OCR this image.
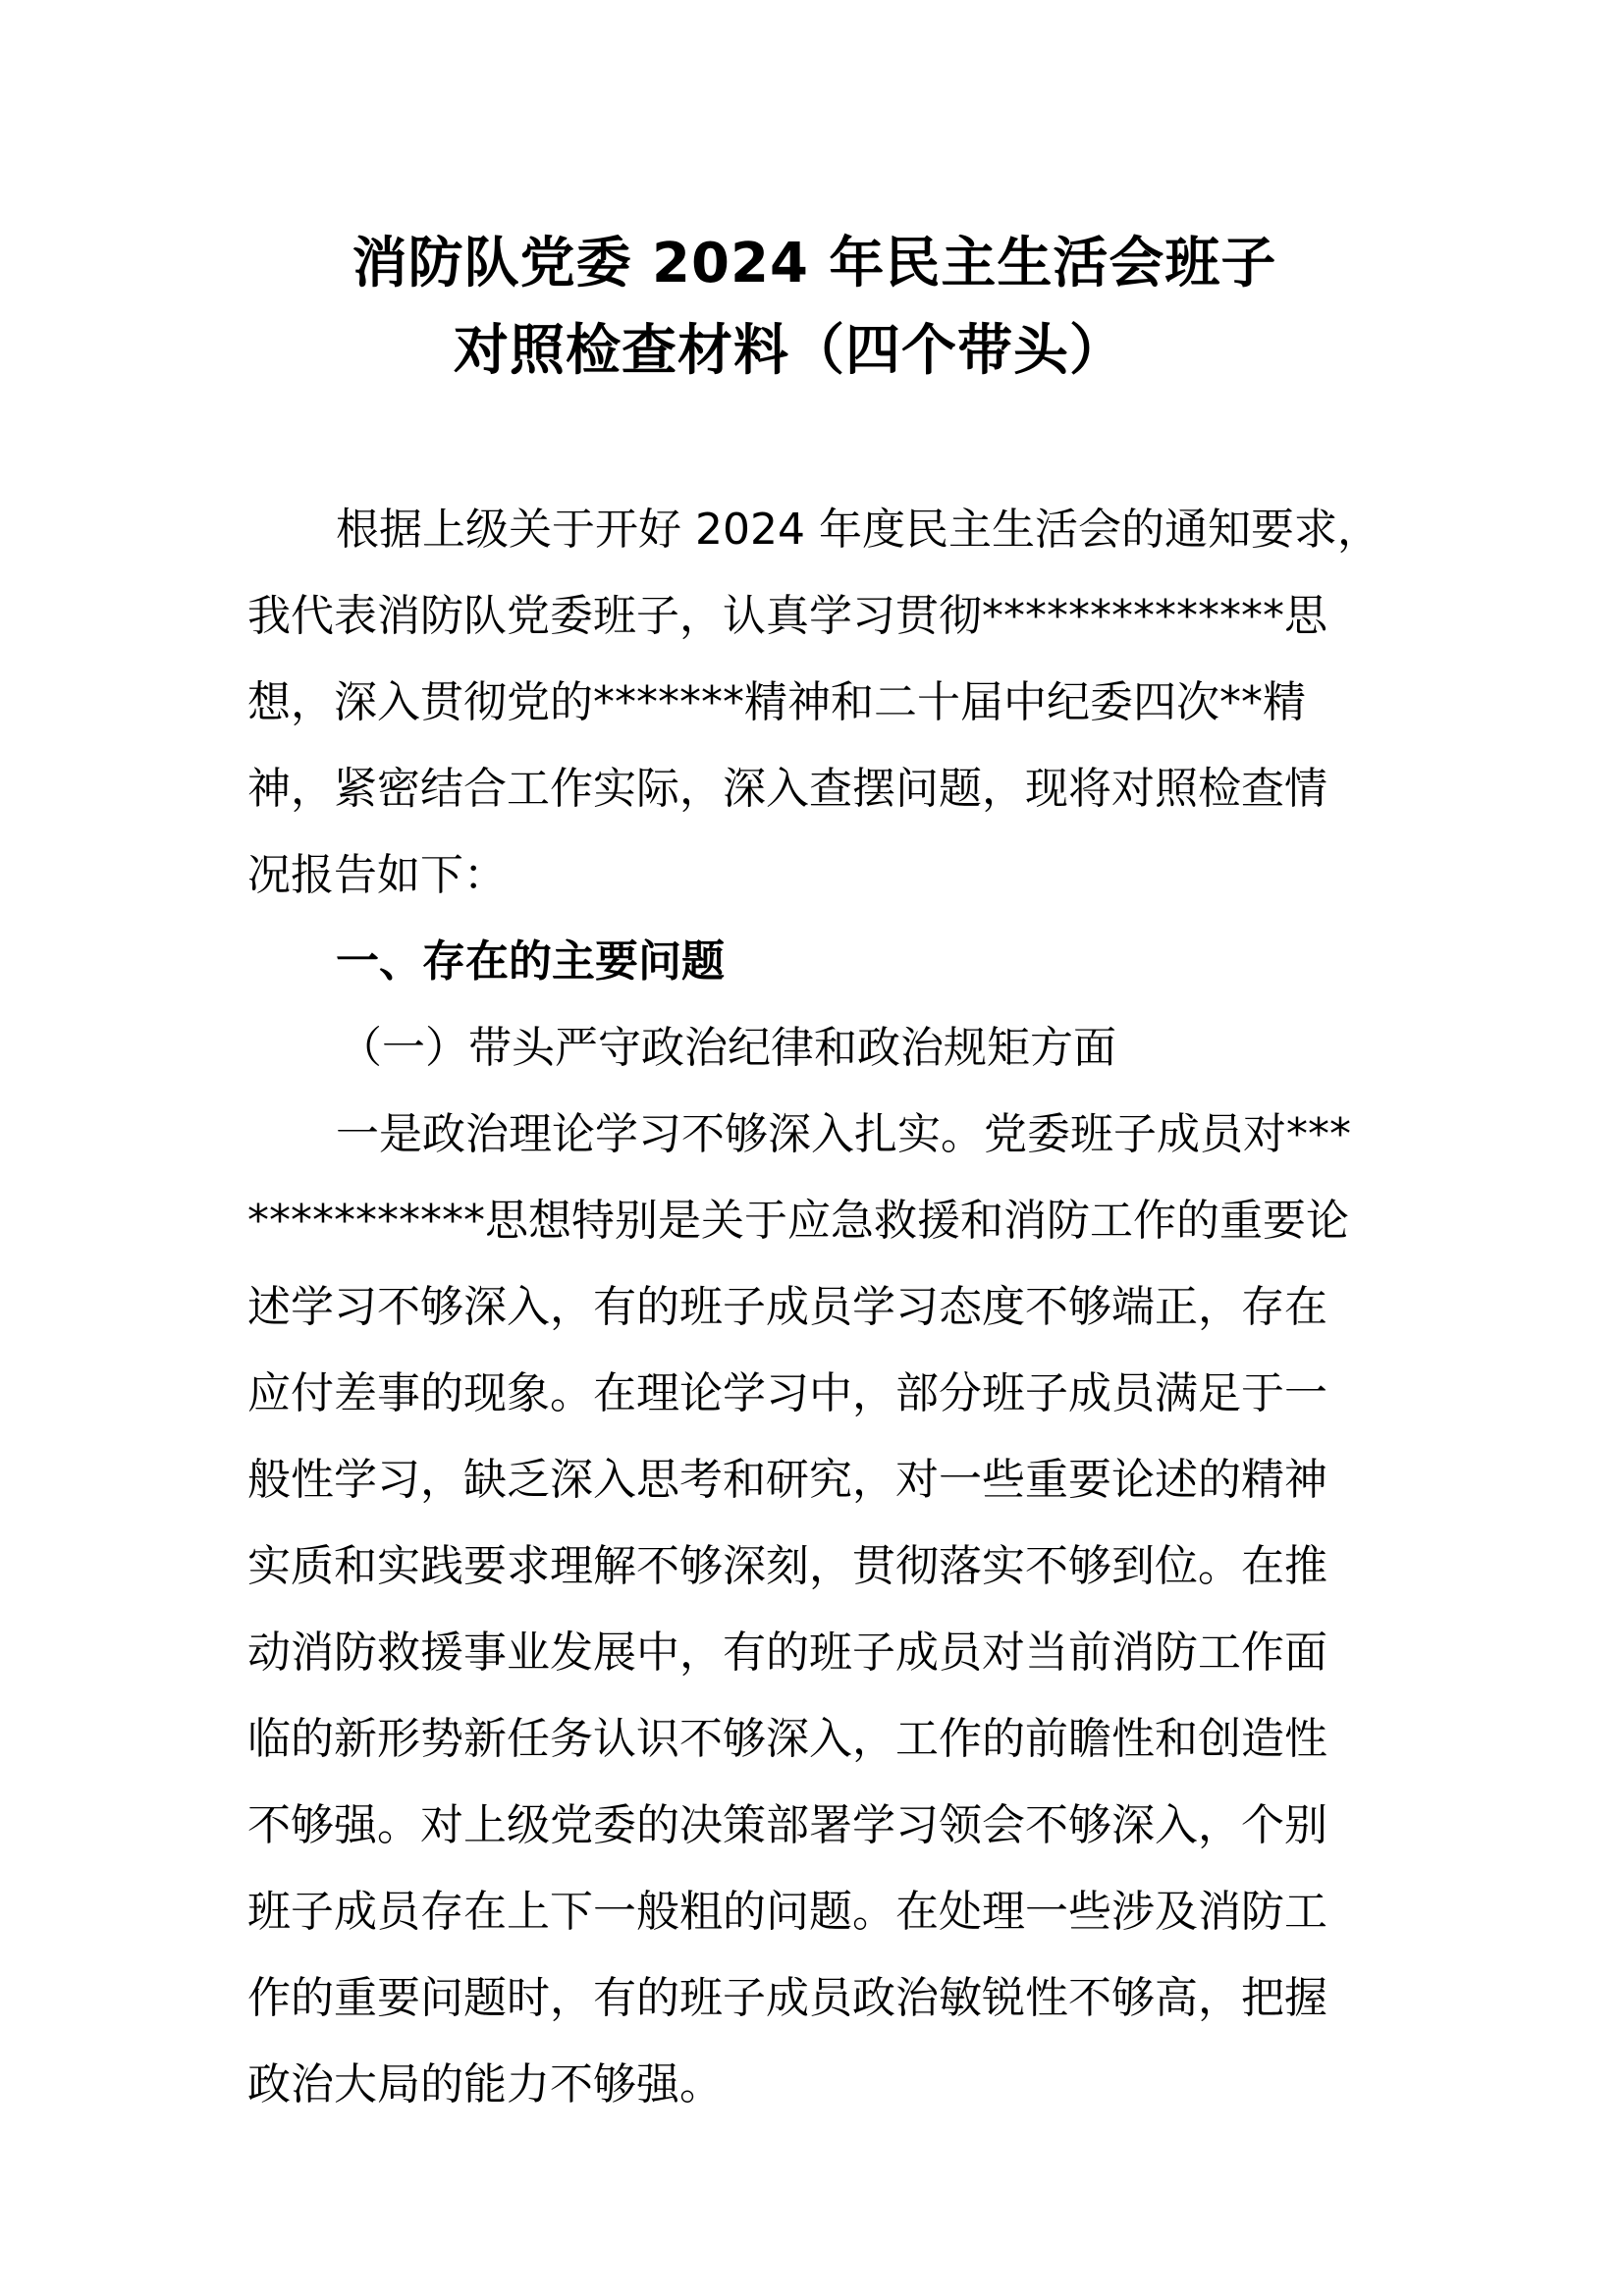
消防队党委 2024 年民主生活会班子
对照检查材料（四个带头）
根据上级关于开好 2024 年度民主生活会的通知要求，
我代表消防队党委班子，认真学习贯彻**************思
想，深入贯彻党的*******精神和二十届中纪委四次**精
神，紧密结合工作实际，深入查摆问题，现将对照检查情
况报告如下：
一、存在的主要问题
（一）带头严守政治纪律和政治规矩方面
一是政治理论学习不够深入扎实。党委班子成员对***
***********思想特别是关于应急救援和消防工作的重要论
述学习不够深入，有的班子成员学习态度不够端正，存在
应付差事的现象。在理论学习中，部分班子成员满足于一
般性学习，缺乏深入思考和研究，对一些重要论述的精神
实质和实践要求理解不够深刻，贯彻落实不够到位。在推
动消防救援事业发展中，有的班子成员对当前消防工作面
临的新形势新任务认识不够深入，工作的前瞻性和创造性
不够强。对上级党委的决策部署学习领会不够深入，个别
班子成员存在上下一般粗的问题。在处理一些涉及消防工
作的重要问题时，有的班子成员政治敏锐性不够高，把握
政治大局的能力不够强。
